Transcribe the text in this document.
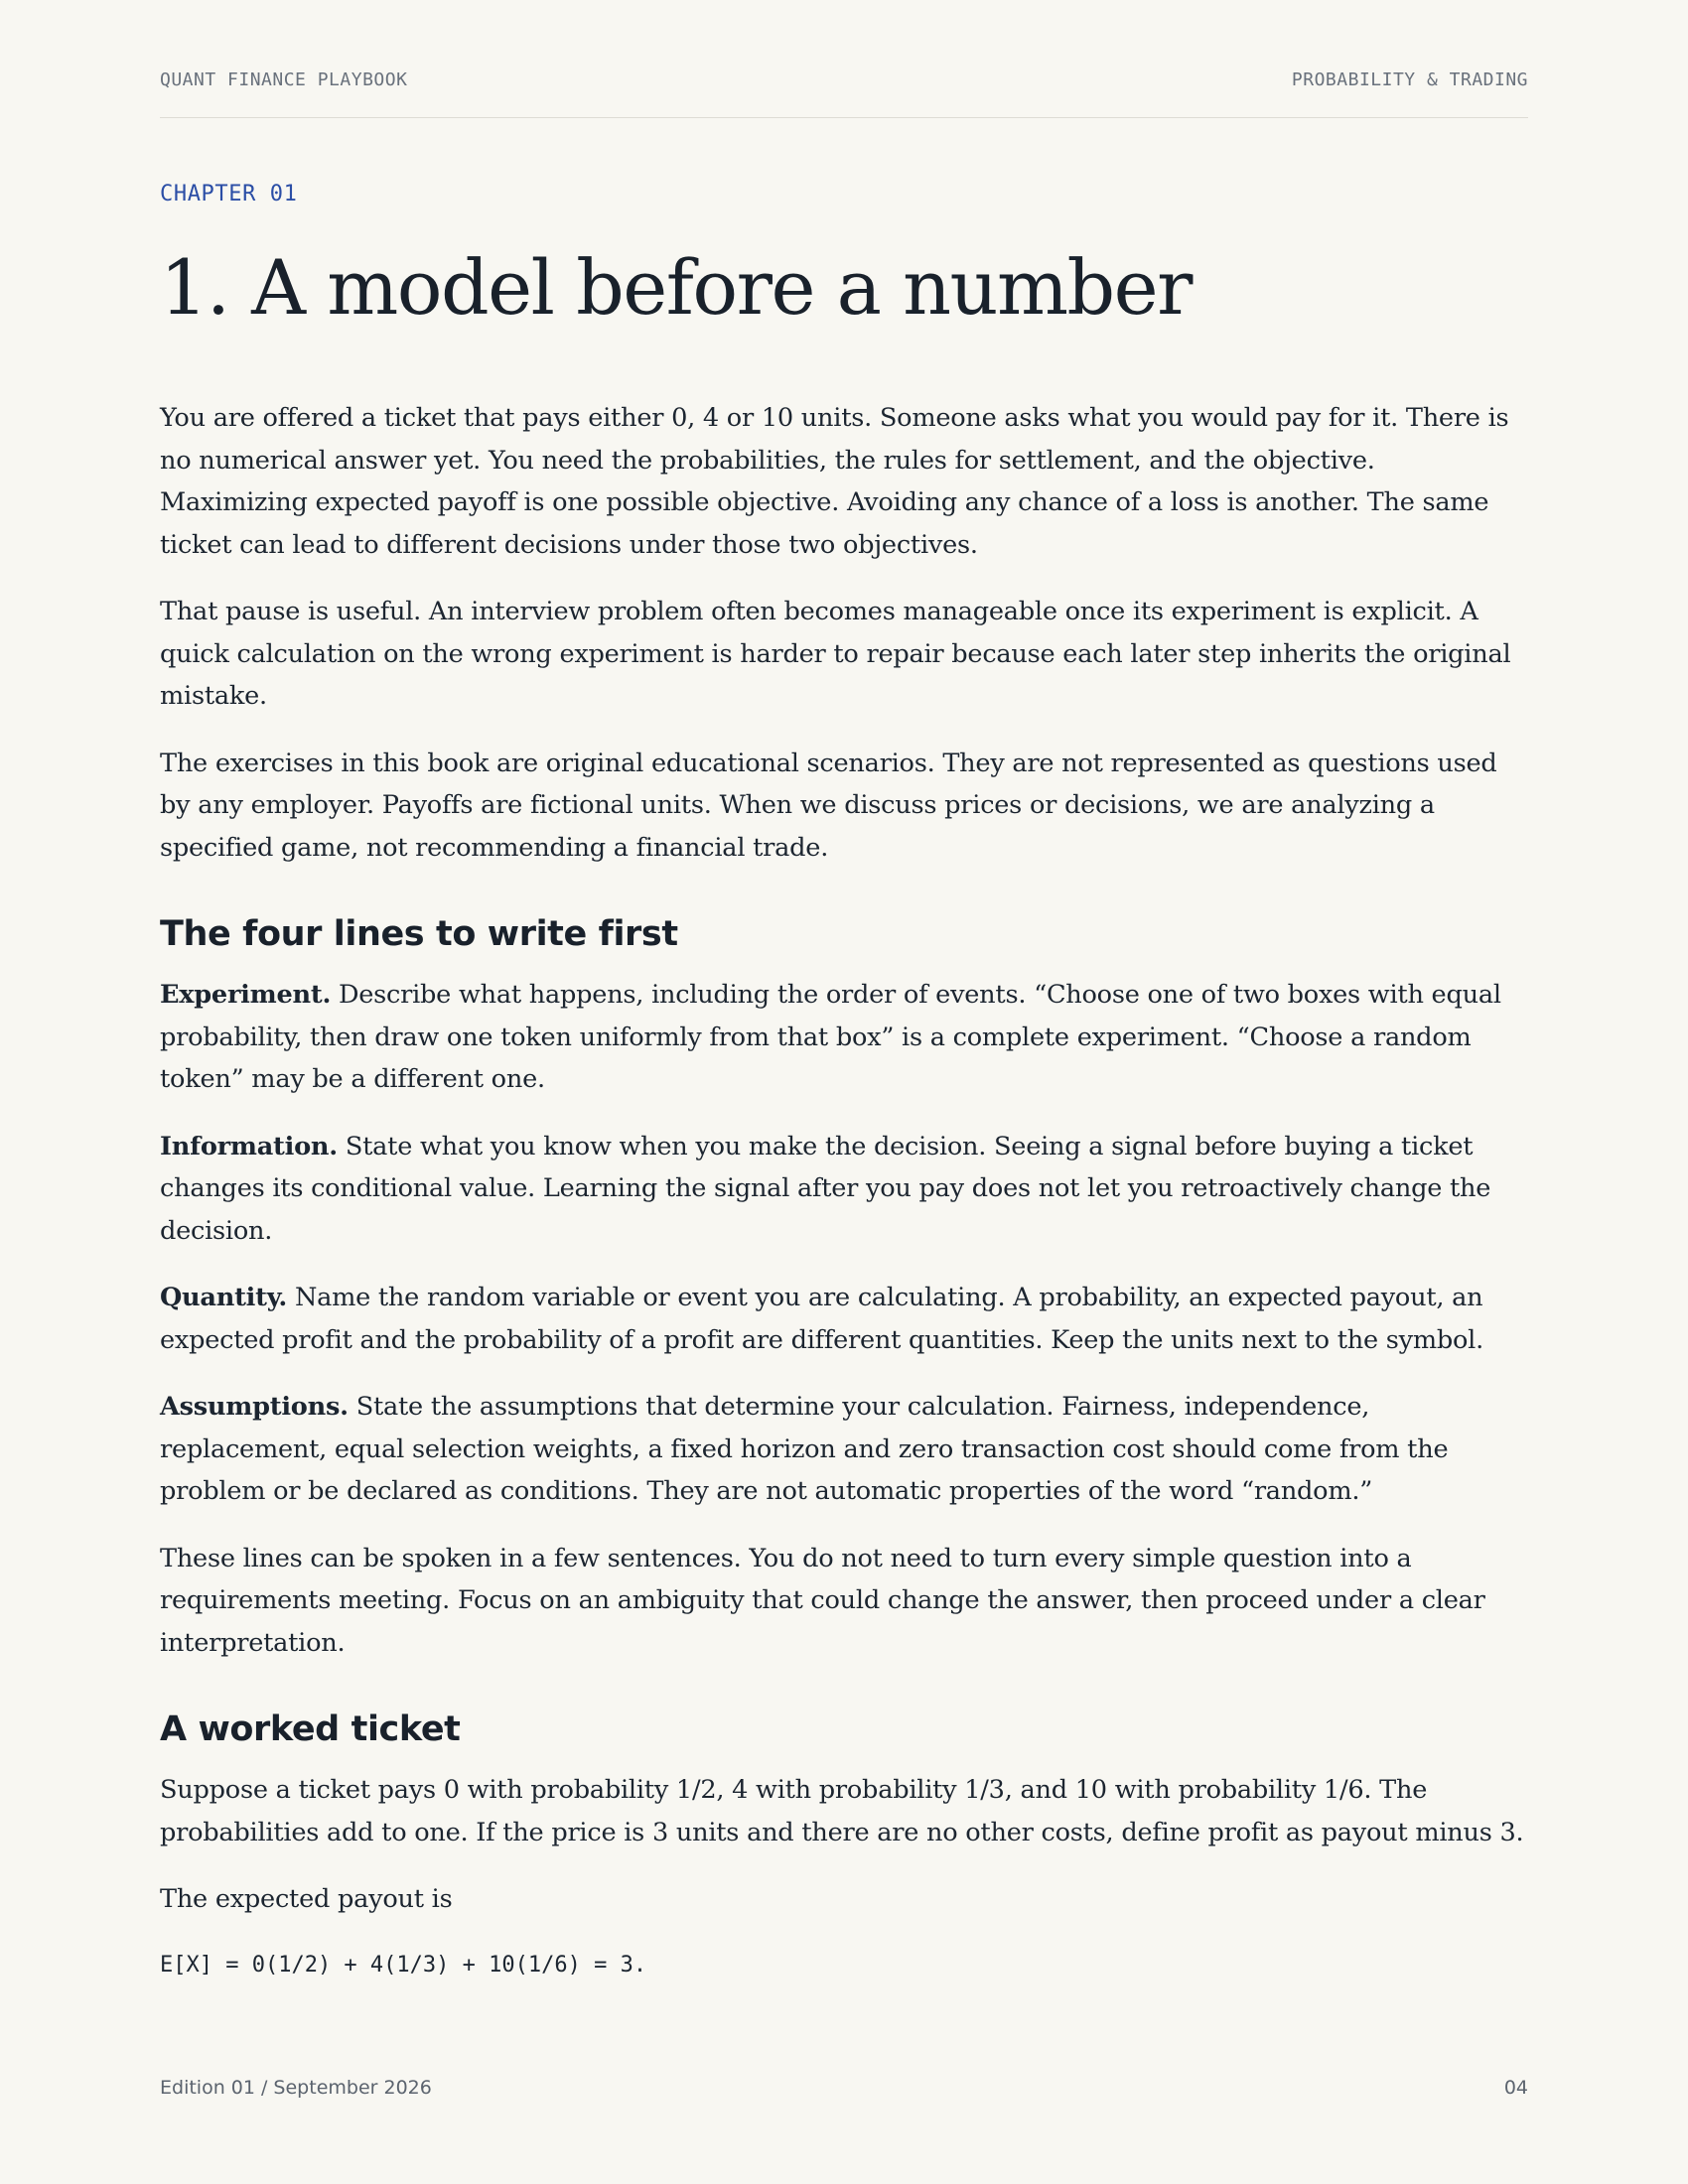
QUANT FINANCE PLAYBOOK	PROBABILITY & TRADING
CHAPTER 01
1. A model before a number

You are offered a ticket that pays either 0, 4 or 10 units. Someone asks what you would pay for it. There is no numerical answer yet. You need the probabilities, the rules for settlement, and the objective. Maximizing expected payoff is one possible objective. Avoiding any chance of a loss is another. The same ticket can lead to different decisions under those two objectives.

That pause is useful. An interview problem often becomes manageable once its experiment is explicit. A quick calculation on the wrong experiment is harder to repair because each later step inherits the original mistake.

The exercises in this book are original educational scenarios. They are not represented as questions used by any employer. Payoffs are fictional units. When we discuss prices or decisions, we are analyzing a specified game, not recommending a financial trade.

The four lines to write first

Experiment. Describe what happens, including the order of events. “Choose one of two boxes with equal probability, then draw one token uniformly from that box” is a complete experiment. “Choose a random token” may be a different one.

Information. State what you know when you make the decision. Seeing a signal before buying a ticket changes its conditional value. Learning the signal after you pay does not let you retroactively change the decision.

Quantity. Name the random variable or event you are calculating. A probability, an expected payout, an expected profit and the probability of a profit are different quantities. Keep the units next to the symbol.

Assumptions. State the assumptions that determine your calculation. Fairness, independence, replacement, equal selection weights, a fixed horizon and zero transaction cost should come from the problem or be declared as conditions. They are not automatic properties of the word “random.”

These lines can be spoken in a few sentences. You do not need to turn every simple question into a requirements meeting. Focus on an ambiguity that could change the answer, then proceed under a clear interpretation.

A worked ticket

Suppose a ticket pays 0 with probability 1/2, 4 with probability 1/3, and 10 with probability 1/6. The probabilities add to one. If the price is 3 units and there are no other costs, define profit as payout minus 3.

The expected payout is

E[X] = 0(1/2) + 4(1/3) + 10(1/6) = 3.
Edition 01 / September 2026	04
